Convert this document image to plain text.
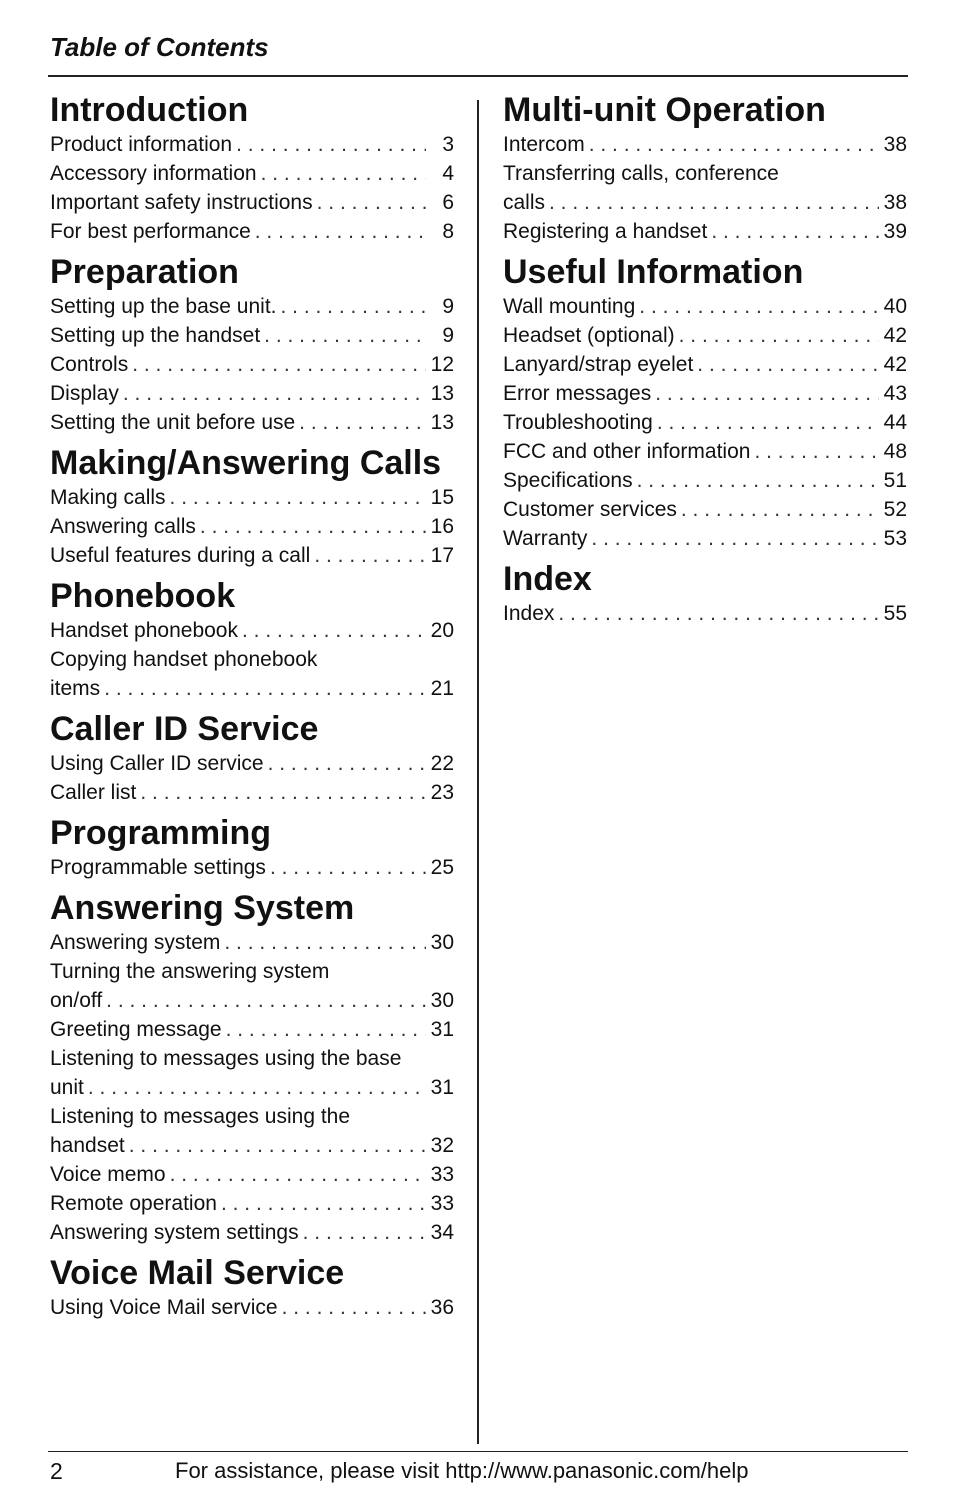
Table of Contents
Introduction
Product information . . .	3
Accessory information . . .	4
Important safety instructions . . .	6
For best performance . . .	8
Preparation
Setting up the base unit. . . .	9
Setting up the handset . . .	9
Controls . . .	12
Display . . .	13
Setting the unit before use . . .	13
Making/Answering Calls
Making calls . . .	15
Answering calls . . .	16
Useful features during a call . . .	17
Phonebook
Handset phonebook . . .	20
Copying handset phonebook
items . . .	21
Caller ID Service
Using Caller ID service . . .	22
Caller list . . .	23
Programming
Programmable settings . . .	25
Answering System
Answering system . . .	30
Turning the answering system
on/off . . .	30
Greeting message . . .	31
Listening to messages using the base
unit . . .	31
Listening to messages using the
handset . . .	32
Voice memo . . .	33
Remote operation . . .	33
Answering system settings . . .	34
Voice Mail Service
Using Voice Mail service . . .	36
Multi-unit Operation
Intercom . . .	38
Transferring calls, conference
calls . . .	38
Registering a handset . . .	39
Useful Information
Wall mounting . . .	40
Headset (optional) . . .	42
Lanyard/strap eyelet . . .	42
Error messages . . .	43
Troubleshooting . . .	44
FCC and other information . . .	48
Specifications . . .	51
Customer services . . .	52
Warranty . . .	53
Index
Index . . .	55
2	For assistance, please visit http://www.panasonic.com/help
